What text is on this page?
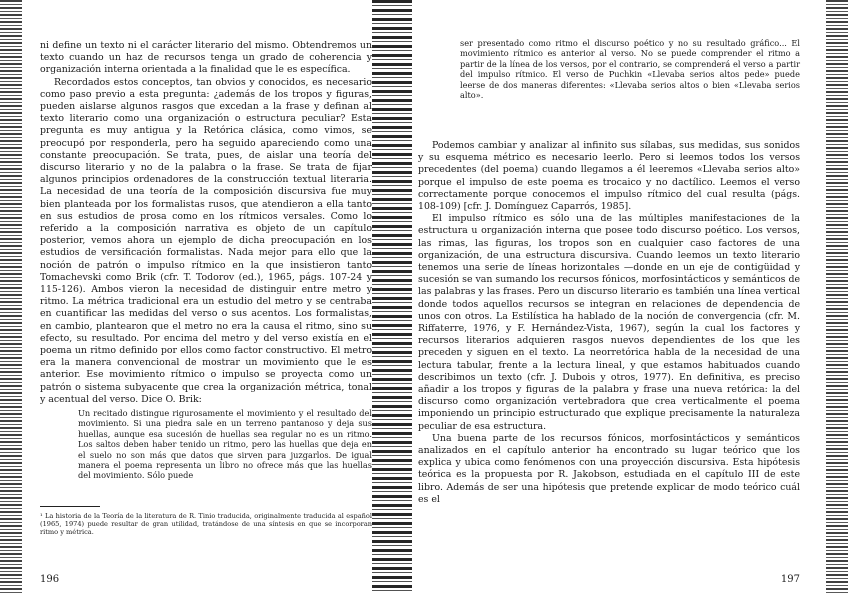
ni define un texto ni el carácter literario del mismo. Obtendremos un texto cuando un haz de recursos tenga un grado de coherencia y organización interna orientada a la finalidad que le es específica.

Recordados estos conceptos, tan obvios y conocidos, es necesario como paso previo a esta pregunta: ¿además de los tropos y figuras, pueden aislarse algunos rasgos que excedan a la frase y definan al texto literario como una organización o estructura peculiar? Esta pregunta es muy antigua y la Retórica clásica, como vimos, se preocupó por responderla, pero ha seguido apareciendo como una constante preocupación. Se trata, pues, de aislar una teoría del discurso literario y no de la palabra o la frase. Se trata de fijar algunos principios ordenadores de la construcción textual literaria. La necesidad de una teoría de la composición discursiva fue muy bien planteada por los formalistas rusos, que atendieron a ella tanto en sus estudios de prosa como en los rítmicos versales. Como lo referido a la composición narrativa es objeto de un capítulo posterior, vemos ahora un ejemplo de dicha preocupación en los estudios de versificación formalistas. Nada mejor para ello que la noción de patrón o impulso rítmico en la que insistieron tanto Tomachevski como Brik (cfr. T. Todorov (ed.), 1965, págs. 107-24 y 115-126). Ambos vieron la necesidad de distinguir entre metro y ritmo. La métrica tradicional era un estudio del metro y se centraba en cuantificar las medidas del verso o sus acentos. Los formalistas, en cambio, plantearon que el metro no era la causa el ritmo, sino su efecto, su resultado. Por encima del metro y del verso existía en el poema un ritmo definido por ellos como factor constructivo. El metro era la manera convencional de mostrar un movimiento que le es anterior. Ese movimiento rítmico o impulso se proyecta como un patrón o sistema subyacente que crea la organización métrica, tonal y acentual del verso. Dice O. Brik:

Un recitado distingue rigurosamente el movimiento y el resultado del movimiento. Si una piedra sale en un terreno pantanoso y deja sus huellas, aunque esa sucesión de huellas sea regular no es un ritmo. Los saltos deben haber tenido un ritmo, pero las huellas que deja en el suelo no son más que datos que sirven para juzgarlos. De igual manera el poema representa un libro no ofrece más que las huellas del movimiento. Sólo puede
¹ La historia de la Teoría de la literatura de R. Tinio traducida, originalmente traducida al español (1965, 1974) puede resultar de gran utilidad, tratándose de una síntesis en que se incorporan ritmo y métrica.
196
ser presentado como ritmo el discurso poético y no su resultado gráfico... El movimiento rítmico es anterior al verso. No se puede comprender el ritmo a partir de la línea de los versos, por el contrario, se comprenderá el verso a partir del impulso rítmico. El verso de Puchkin «Llevaba serios altos pede» puede leerse de dos maneras diferentes: «Llevaba serios altos o bien «Llevaba serios alto».

Podemos cambiar y analizar al infinito sus sílabas, sus medidas, sus sonidos y su esquema métrico es necesario leerlo. Pero si leemos todos los versos precedentes (del poema) cuando llegamos a él leeremos «Llevaba serios alto» porque el impulso de este poema es trocaico y no dactílico. Leemos el verso correctamente porque conocemos el impulso rítmico del cual resulta (págs. 108-109) [cfr. J. Domínguez Caparrós, 1985].

El impulso rítmico es sólo una de las múltiples manifestaciones de la estructura u organización interna que posee todo discurso poético. Los versos, las rimas, las figuras, los tropos son en cualquier caso factores de una organización, de una estructura discursiva. Cuando leemos un texto literario tenemos una serie de líneas horizontales —donde en un eje de contigüidad y sucesión se van sumando los recursos fónicos, morfosintácticos y semánticos de las palabras y las frases. Pero un discurso literario es también una línea vertical donde todos aquellos recursos se integran en relaciones de dependencia de unos con otros. La Estilística ha hablado de la noción de convergencia (cfr. M. Riffaterre, 1976, y F. Hernández-Vista, 1967), según la cual los factores y recursos literarios adquieren rasgos nuevos dependientes de los que les preceden y siguen en el texto. La neorretórica habla de la necesidad de una lectura tabular, frente a la lectura lineal, y que estamos habituados cuando describimos un texto (cfr. J. Dubois y otros, 1977). En definitiva, es preciso añadir a los tropos y figuras de la palabra y frase una nueva retórica: la del discurso como organización vertebradora que crea verticalmente el poema imponiendo un principio estructurado que explique precisamente la naturaleza peculiar de esa estructura.

Una buena parte de los recursos fónicos, morfosintácticos y semánticos analizados en el capítulo anterior ha encontrado su lugar teórico que los explica y ubica como fenómenos con una proyección discursiva. Esta hipótesis teórica es la propuesta por R. Jakobson, estudiada en el capítulo III de este libro. Además de ser una hipótesis que pretende explicar de modo teórico cuál es el

197
